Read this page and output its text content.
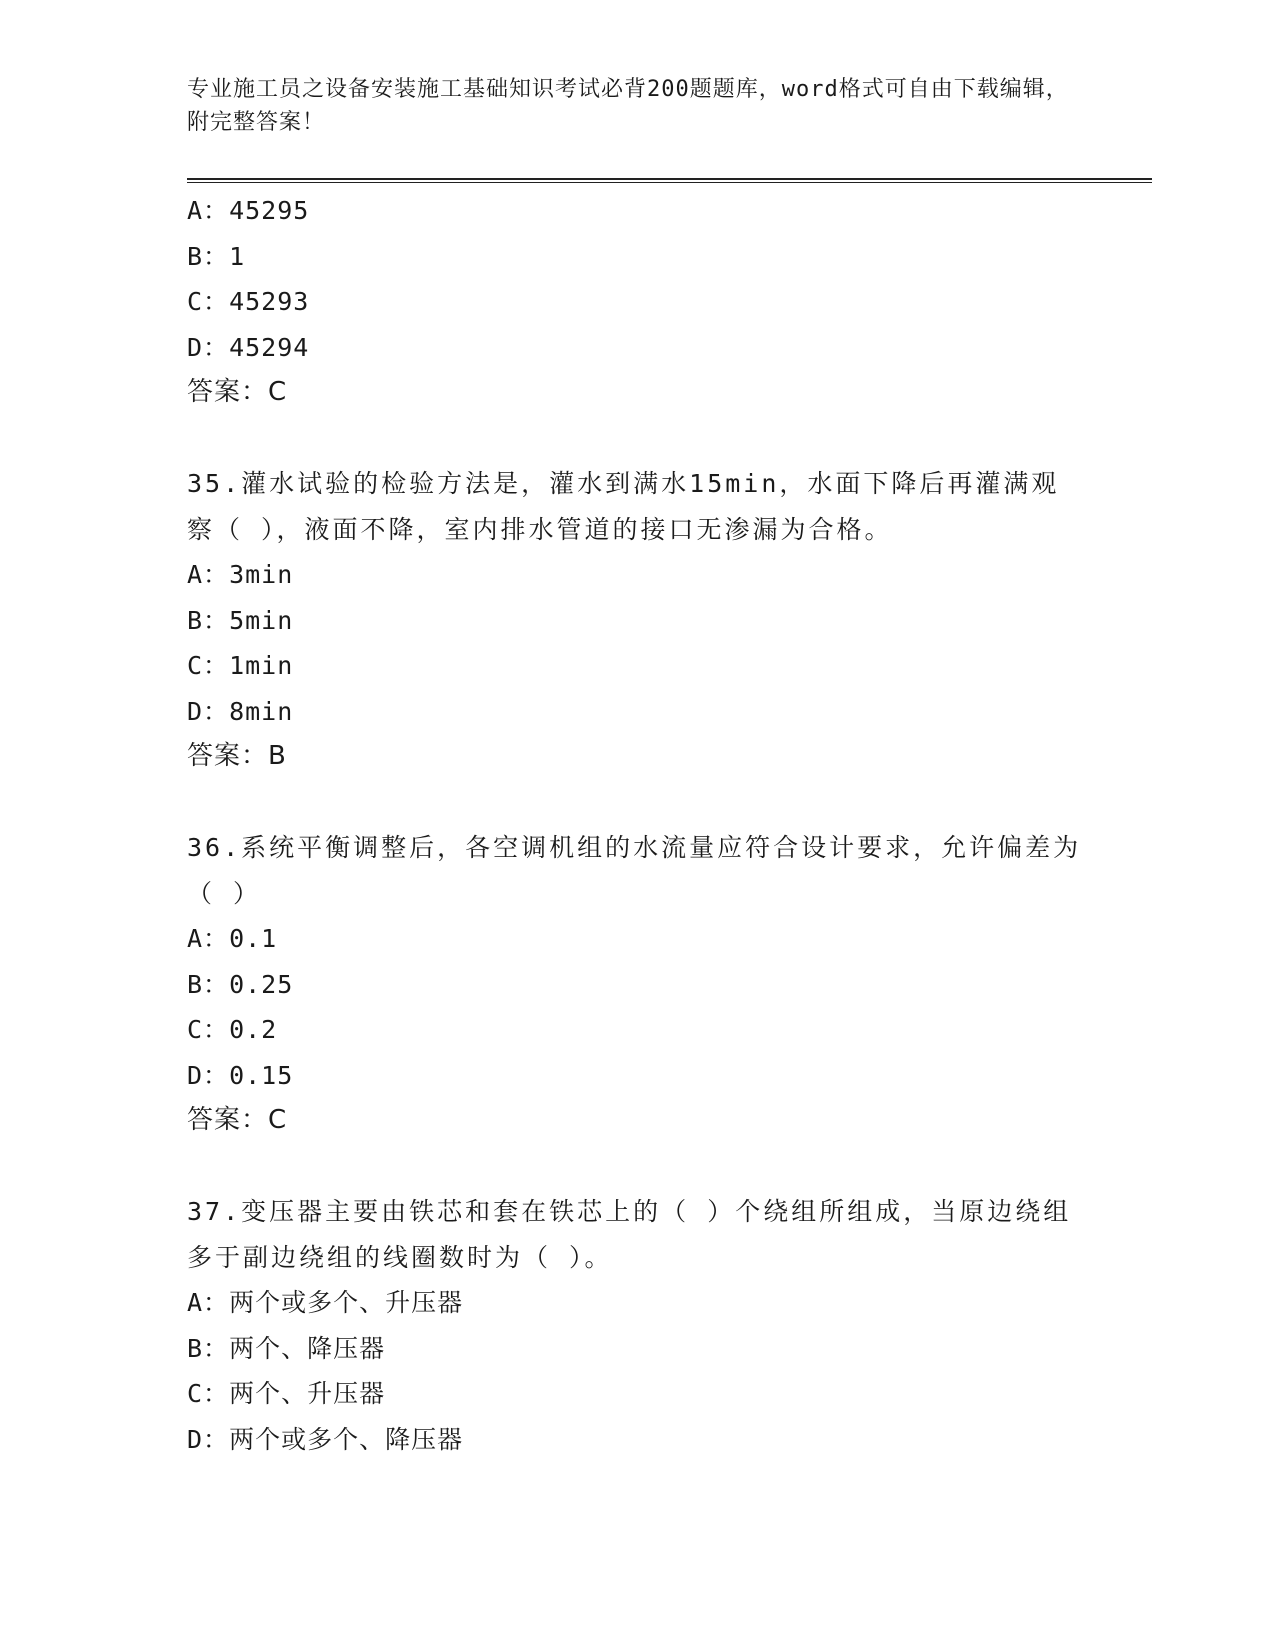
专业施工员之设备安装施工基础知识考试必背200题题库，word格式可自由下载编辑，附完整答案！
A：45295
B：1
C：45293
D：45294
答案：C
35.灌水试验的检验方法是，灌水到满水15min，水面下降后再灌满观察（ ），液面不降，室内排水管道的接口无渗漏为合格。
A：3min
B：5min
C：1min
D：8min
答案：B
36.系统平衡调整后，各空调机组的水流量应符合设计要求，允许偏差为（ ）
A：0.1
B：0.25
C：0.2
D：0.15
答案：C
37.变压器主要由铁芯和套在铁芯上的（ ）个绕组所组成，当原边绕组多于副边绕组的线圈数时为（ ）。
A：两个或多个、升压器
B：两个、降压器
C：两个、升压器
D：两个或多个、降压器
